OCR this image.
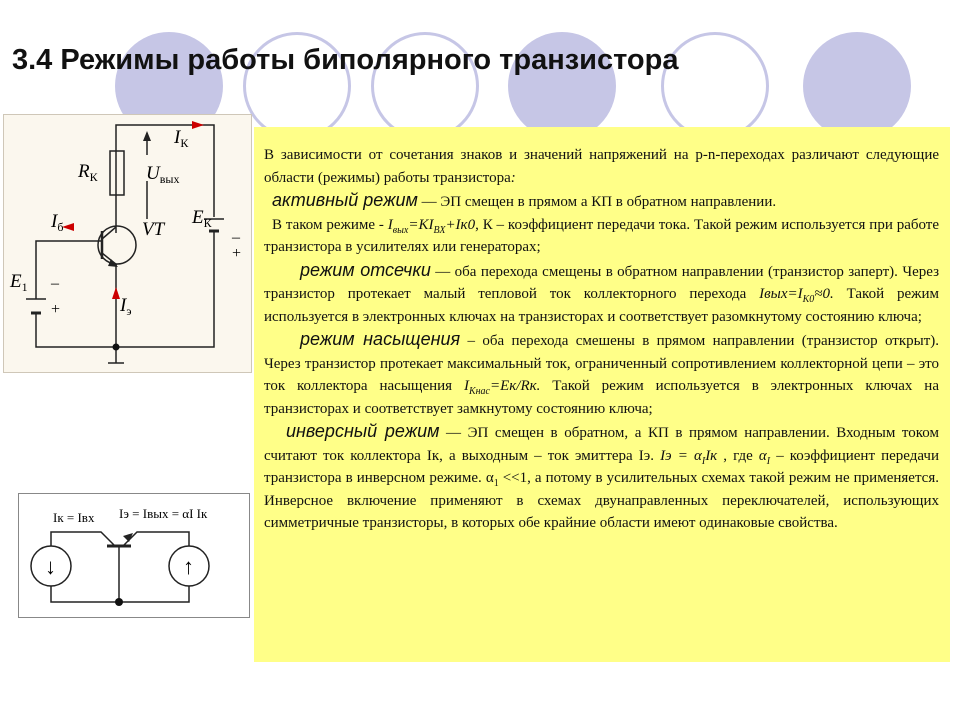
3.4 Режимы работы биполярного транзистора
$I_К$
$R_К$	$U_{вых}$
VT
$E_К$
–
+
$I_б$
$E_1$ –
+	$I_э$
↓	↑
Iк = Iвх Iэ = Iвых = αI Iк

В зависимости от сочетания знаков и значений напряжений на p-n-переходах различают следующие области (режимы) работы транзистора:

активный режим — ЭП смещен в прямом а КП в обратном направлении.

В таком режиме - $I_{вых}=KI_{ВХ}+Iк0$, К – коэффициент передачи тока. Такой режим используется при работе транзистора в усилителях или генераторах;

режим отсечки — оба перехода смещены в обратном направлении (транзистор заперт). Через транзистор протекает малый тепловой ток коллекторного перехода $Iвых=I_{К0}\approx 0$. Такой режим используется в электронных ключах на транзисторах и соответствует разомкнутому состоянию ключа;

режим насыщения – оба перехода смешены в прямом направлении (транзистор открыт). Через транзистор протекает максимальный ток, ограниченный сопротивлением коллекторной цепи – это ток коллектора насыщения $I_{Кнас}=Eк/Rк$. Такой режим используется в электронных ключах на транзисторах и соответствует замкнутому состоянию ключа;

инверсный режим — ЭП смещен в обратном, а КП в прямом направлении. Входным током считают ток коллектора Iк, а выходным – ток эмиттера Iэ. Iэ = $\alpha_IIк$ , где $\alpha_I$ – коэффициент передачи транзистора в инверсном режиме. $\alpha_1 <<1$, а потому в усилительных схемах такой режим не применяется. Инверсное включение применяют в схемах двунаправленных переключателей, использующих симметричные транзисторы, в которых обе крайние области имеют одинаковые свойства.
